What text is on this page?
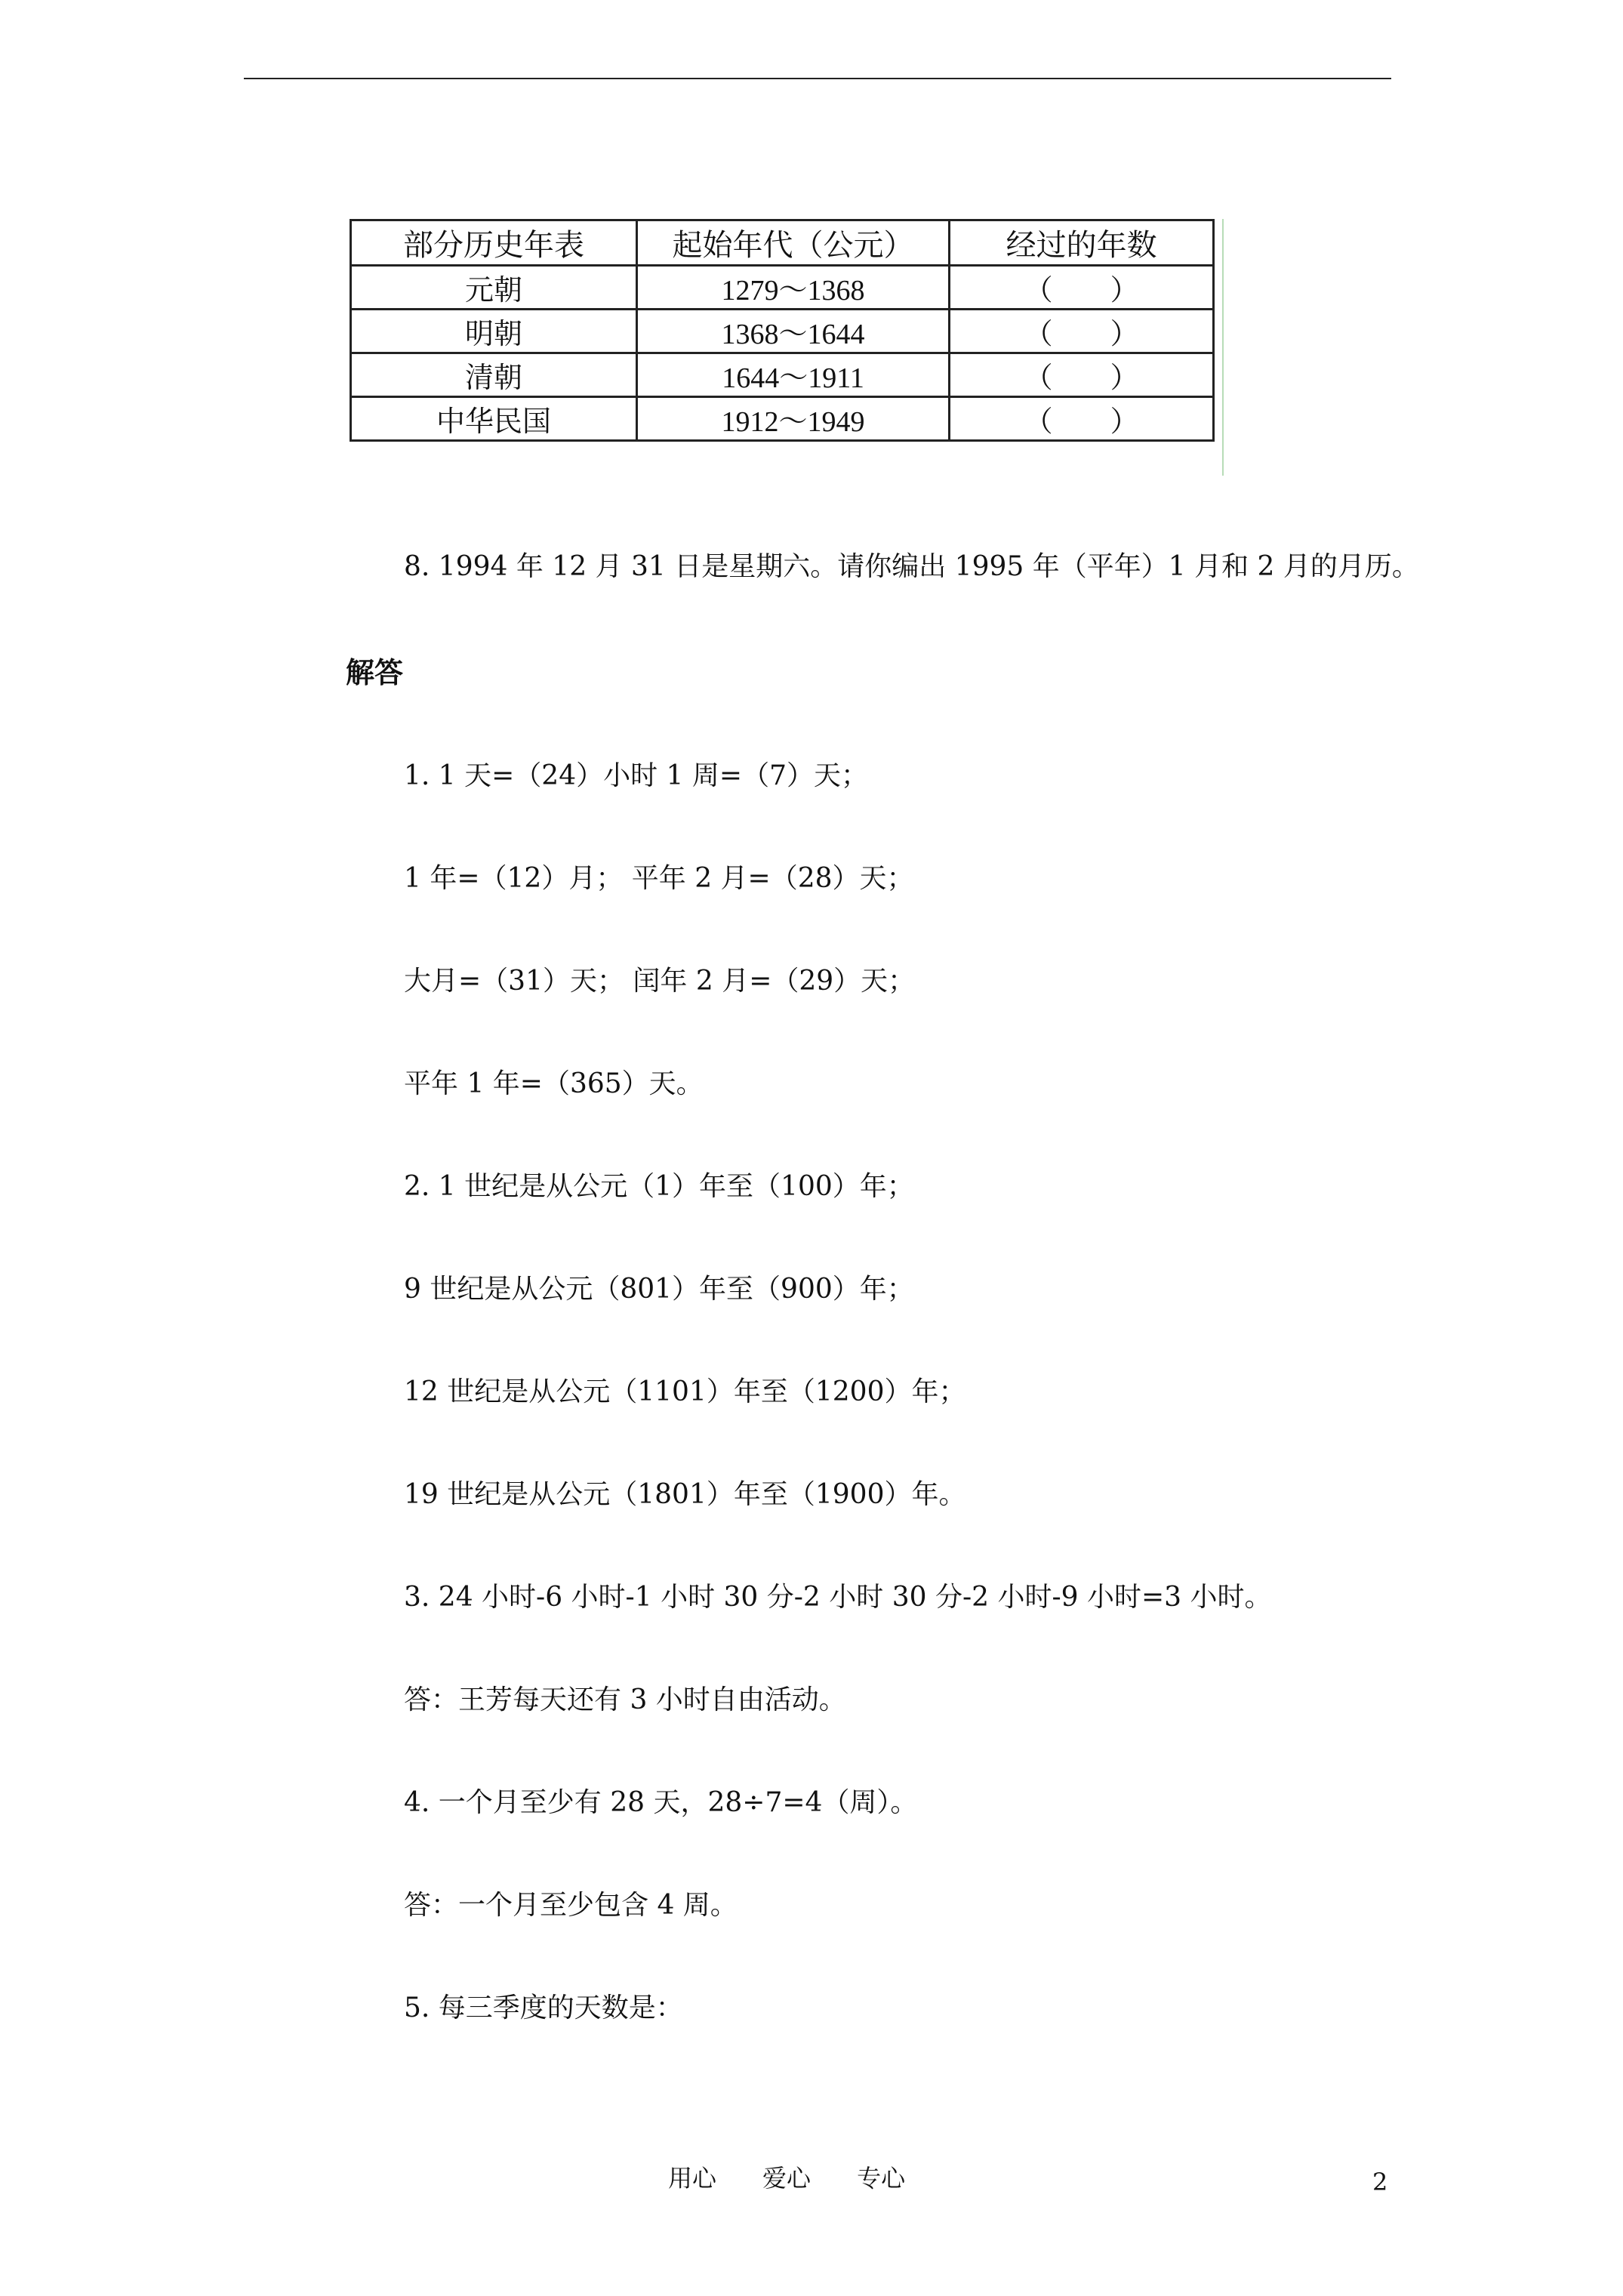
部分历史年表	起始年代（公元）	经过的年数
元朝	1279～1368	（　　）
明朝	1368～1644	（　　）
清朝	1644～1911	（　　）
中华民国	1912～1949	（　　）
8. 1994 年 12 月 31 日是星期六。请你编出 1995 年（平年）1 月和 2 月的月历。
解答
1. 1 天=（24）小时 1 周=（7）天；
1 年=（12）月； 平年 2 月=（28）天；
大月=（31）天； 闰年 2 月=（29）天；
平年 1 年=（365）天。
2. 1 世纪是从公元（1）年至（100）年；
9 世纪是从公元（801）年至（900）年；
12 世纪是从公元（1101）年至（1200）年；
19 世纪是从公元（1801）年至（1900）年。
3. 24 小时-6 小时-1 小时 30 分-2 小时 30 分-2 小时-9 小时=3 小时。
答：王芳每天还有 3 小时自由活动。
4. 一个月至少有 28 天，28÷7=4（周）。
答：一个月至少包含 4 周。
5. 每三季度的天数是：
用心      爱心      专心	2
